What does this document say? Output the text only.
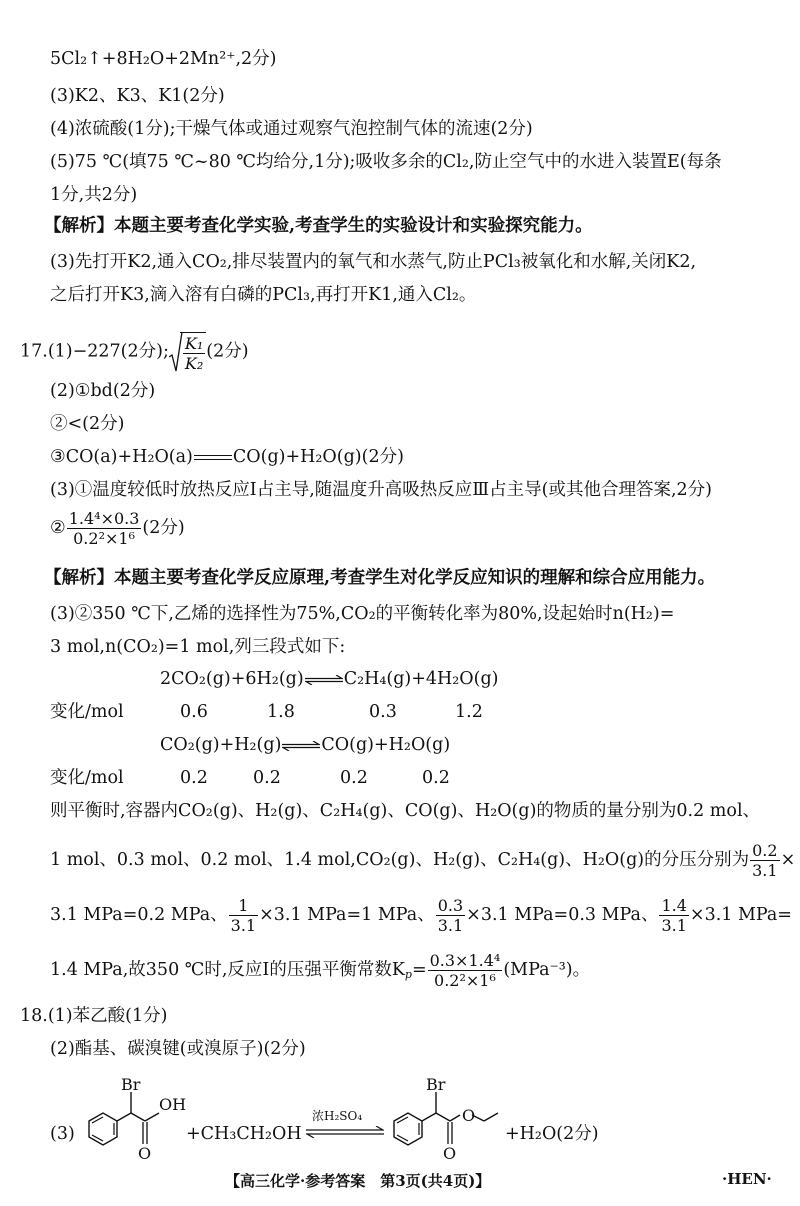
5Cl₂↑+8H₂O+2Mn²⁺,2分)
(3)K2、K3、K1(2分)
(4)浓硫酸(1分);干燥气体或通过观察气泡控制气体的流速(2分)
(5)75 ℃(填75 ℃~80 ℃均给分,1分);吸收多余的Cl₂,防止空气中的水进入装置E(每条
1分,共2分)
【解析】本题主要考查化学实验,考查学生的实验设计和实验探究能力。
(3)先打开K2,通入CO₂,排尽装置内的氧气和水蒸气,防止PCl₃被氧化和水解,关闭K2,
之后打开K3,滴入溶有白磷的PCl₃,再打开K1,通入Cl₂。
17.(1)−227(2分); $\frac{\text{K₁}}{\text{K₂}} (2$分)
(2)①bd(2分)
②<(2分)
③CO(a)+H₂O(a) CO(g)+H₂O(g)(2分)
(3)①温度较低时放热反应Ⅰ占主导,随温度升高吸热反应Ⅲ占主导(或其他合理答案,2分)
② $\frac{\text{1.4⁴×0.3}}{\text{0.2²×1⁶}} (2$分)
【解析】本题主要考查化学反应原理,考查学生对化学反应知识的理解和综合应用能力。
(3)②350 ℃下,乙烯的选择性为75%,CO₂的平衡转化率为80%,设起始时n(H₂)=
3 mol,n(CO₂)=1 mol,列三段式如下:
2CO₂(g)+6H₂(g)⇌C₂H₄(g)+4H₂O(g)
变化/mol	0.6	1.8	0.3	1.2
CO₂(g)+H₂(g)⇌CO(g)+H₂O(g)
变化/mol	0.2	0.2	0.2	0.2
则平衡时,容器内CO₂(g)、H₂(g)、C₂H₄(g)、CO(g)、H₂O(g)的物质的量分别为0.2 mol、
1 mol、0.3 mol、0.2 mol、1.4 mol,CO₂(g)、H₂(g)、C₂H₄(g)、H₂O(g)的分压分别为 $\frac{0.2}{3.1}$ ×
3.1 MPa=0.2 MPa、 $\frac{1}{3.1} \times 3.1$ MPa=1 MPa、 $\frac{0.3}{3.1} \times 3.1$ MPa=0.3 MPa、 $\frac{1.4}{3.1} \times 3.1$ MPa=
1.4 MPa,故350 ℃时,反应Ⅰ的压强平衡常数$K_p= \frac{\text{0.3×1.4⁴}}{\text{0.2²×1⁶}} (MPa^{-3})$。
18.(1)苯乙酸(1分)
(2)酯基、碳溴键(或溴原子)(2分)
(3)
Br
OH
O
+CH₃CH₂OH
浓H₂SO₄
Br
O
O
+H₂O(2分)
【高三化学·参考答案　第3页(共4页)】	·HEN·
